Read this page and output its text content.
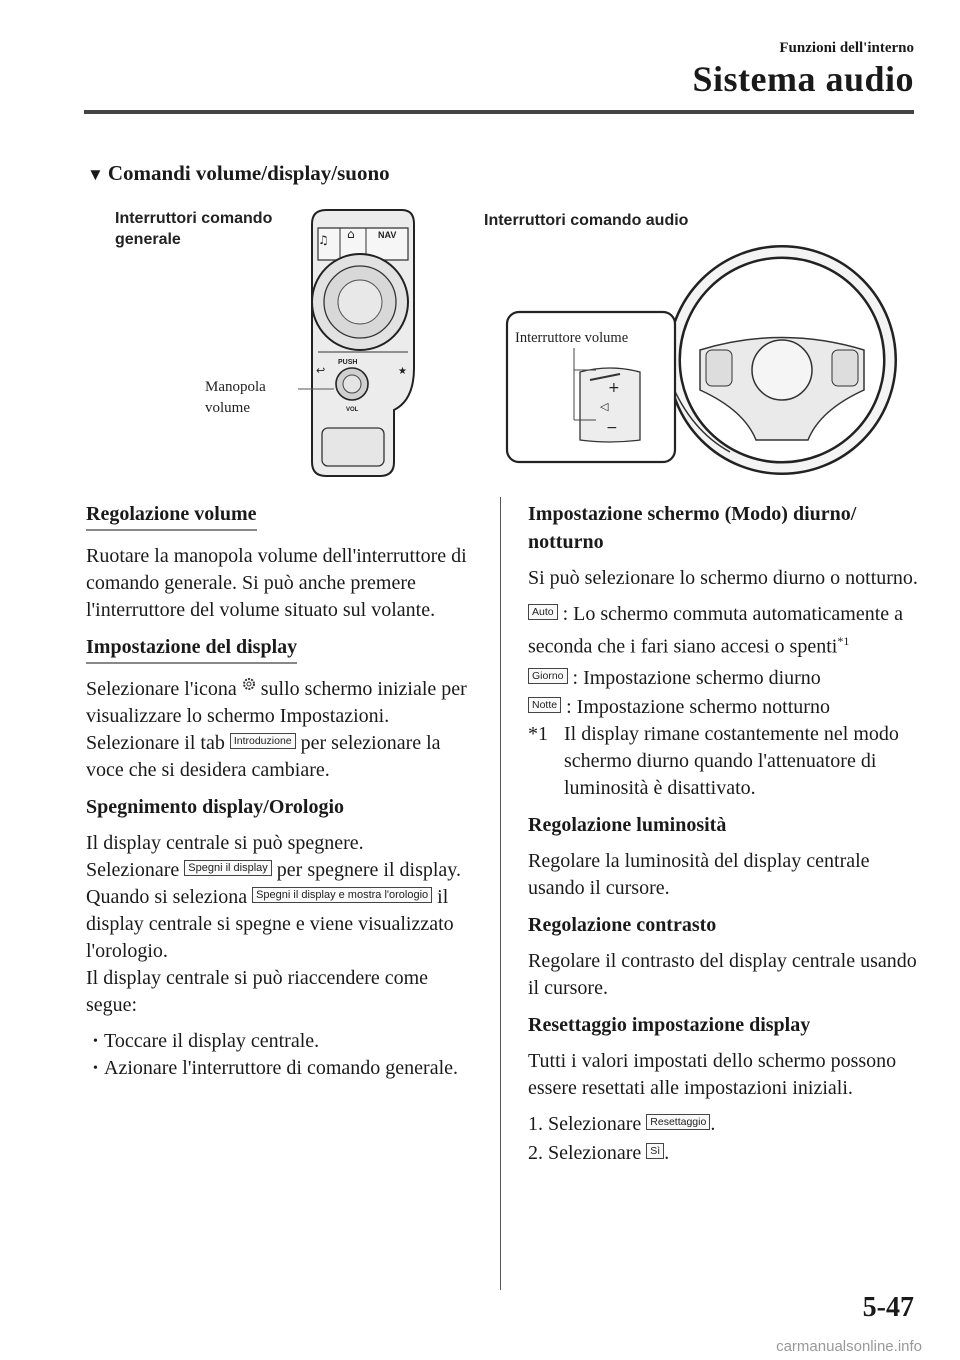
Funzioni dell'interno
Sistema audio
▼ Comandi volume/display/suono
Interruttori comando generale
Manopola volume
Interruttori comando audio
♫ ⌂	NAV
PUSH
↩	★
VOL
+
◁
−
Interruttore volume
Regolazione volume

Ruotare la manopola volume dell'interruttore di comando generale. Si può anche premere l'interruttore del volume situato sul volante.

Impostazione del display

Selezionare l'icona  sullo schermo iniziale per visualizzare lo schermo Impostazioni.

Selezionare il tab Introduzione per selezionare la voce che si desidera cambiare.

Spegnimento display/Orologio

Il display centrale si può spegnere.

Selezionare Spegni il display per spegnere il display.

Quando si seleziona Spegni il display e mostra l'orologio il display centrale si spegne e viene visualizzato l'orologio.

Il display centrale si può riaccendere come segue:

• Toccare il display centrale.
• Azionare l'interruttore di comando generale.
Impostazione schermo (Modo) diurno/ notturno

Si può selezionare lo schermo diurno o notturno.

Auto : Lo schermo commuta automaticamente a seconda che i fari siano accesi o spenti$^{*1}$

Giorno : Impostazione schermo diurno

Notte : Impostazione schermo notturno

*1 Il display rimane costantemente nel modo schermo diurno quando l'attenuatore di luminosità è disattivato.
Regolazione luminosità

Regolare la luminosità del display centrale usando il cursore.

Regolazione contrasto

Regolare il contrasto del display centrale usando il cursore.

Resettaggio impostazione display

Tutti i valori impostati dello schermo possono essere resettati alle impostazioni iniziali.

1. Selezionare Resettaggio .

2. Selezionare Sì .

5-47
carmanualsonline.info
